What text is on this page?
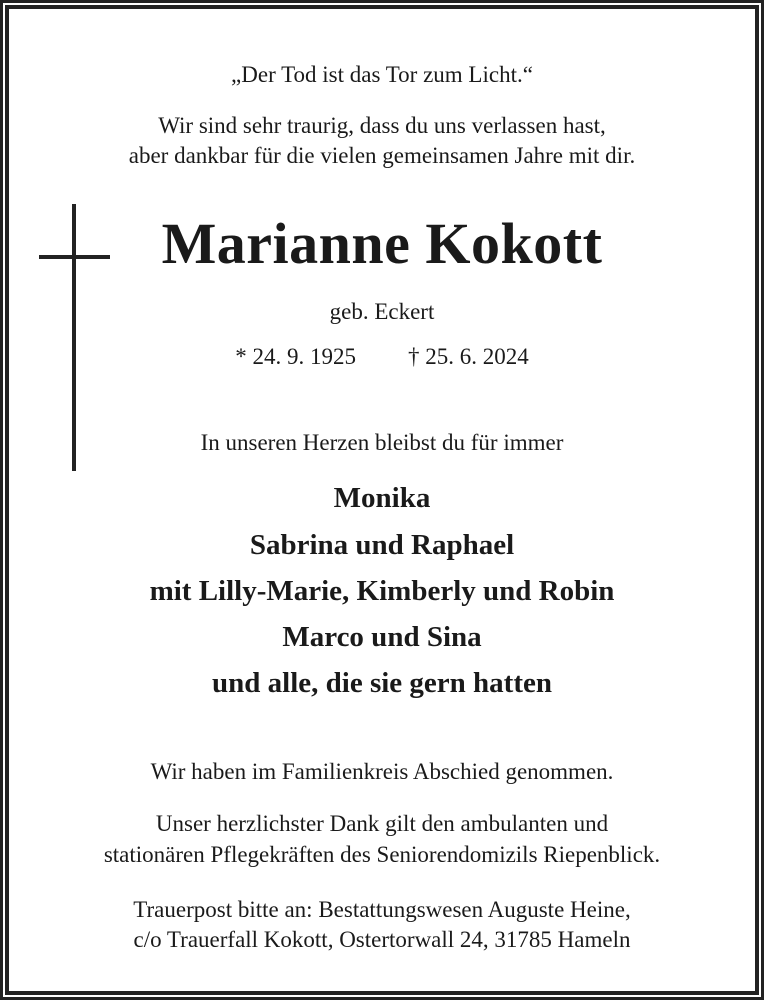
„Der Tod ist das Tor zum Licht.“
Wir sind sehr traurig, dass du uns verlassen hast,
aber dankbar für die vielen gemeinsamen Jahre mit dir.
Marianne Kokott
geb. Eckert
* 24. 9. 1925 † 25. 6. 2024
In unseren Herzen bleibst du für immer
Monika
Sabrina und Raphael
mit Lilly-Marie, Kimberly und Robin
Marco und Sina
und alle, die sie gern hatten
Wir haben im Familienkreis Abschied genommen.
Unser herzlichster Dank gilt den ambulanten und
stationären Pflegekräften des Seniorendomizils Riepenblick.
Trauerpost bitte an: Bestattungswesen Auguste Heine,
c/o Trauerfall Kokott, Ostertorwall 24, 31785 Hameln
